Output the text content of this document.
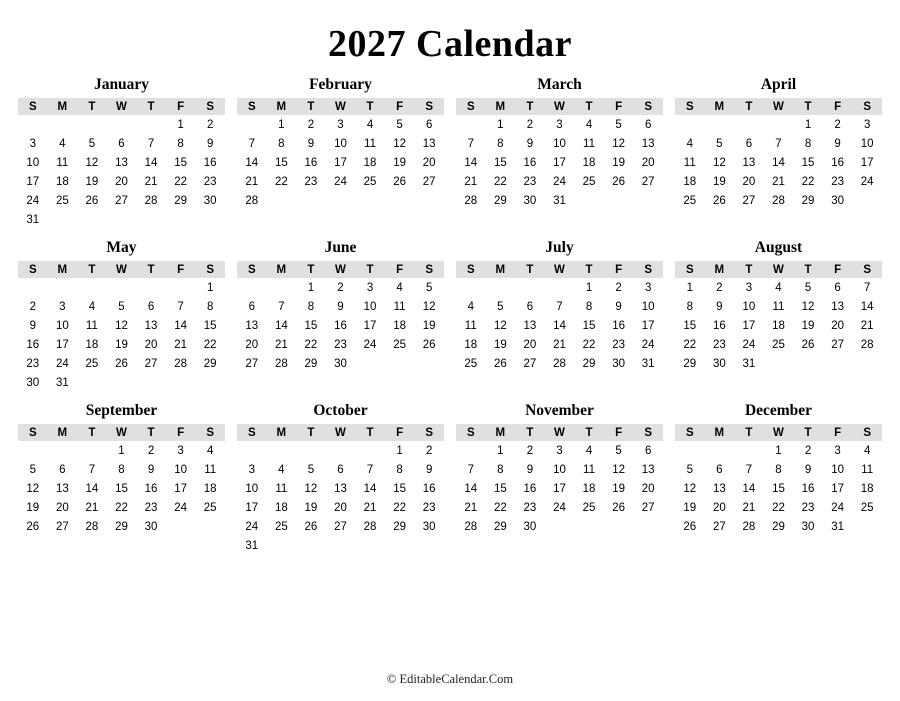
2027 Calendar
January
S	M	T	W	T	F	S
					1	2
3	4	5	6	7	8	9
10	11	12	13	14	15	16
17	18	19	20	21	22	23
24	25	26	27	28	29	30
31						
February
S	M	T	W	T	F	S
	1	2	3	4	5	6
7	8	9	10	11	12	13
14	15	16	17	18	19	20
21	22	23	24	25	26	27
28						
March
S	M	T	W	T	F	S
	1	2	3	4	5	6
7	8	9	10	11	12	13
14	15	16	17	18	19	20
21	22	23	24	25	26	27
28	29	30	31			
April
S	M	T	W	T	F	S
				1	2	3
4	5	6	7	8	9	10
11	12	13	14	15	16	17
18	19	20	21	22	23	24
25	26	27	28	29	30	
May
S	M	T	W	T	F	S
						1
2	3	4	5	6	7	8
9	10	11	12	13	14	15
16	17	18	19	20	21	22
23	24	25	26	27	28	29
30	31					
June
S	M	T	W	T	F	S
		1	2	3	4	5
6	7	8	9	10	11	12
13	14	15	16	17	18	19
20	21	22	23	24	25	26
27	28	29	30			
July
S	M	T	W	T	F	S
				1	2	3
4	5	6	7	8	9	10
11	12	13	14	15	16	17
18	19	20	21	22	23	24
25	26	27	28	29	30	31
August
S	M	T	W	T	F	S
1	2	3	4	5	6	7
8	9	10	11	12	13	14
15	16	17	18	19	20	21
22	23	24	25	26	27	28
29	30	31				
September
S	M	T	W	T	F	S
			1	2	3	4
5	6	7	8	9	10	11
12	13	14	15	16	17	18
19	20	21	22	23	24	25
26	27	28	29	30		
October
S	M	T	W	T	F	S
					1	2
3	4	5	6	7	8	9
10	11	12	13	14	15	16
17	18	19	20	21	22	23
24	25	26	27	28	29	30
31						
November
S	M	T	W	T	F	S
	1	2	3	4	5	6
7	8	9	10	11	12	13
14	15	16	17	18	19	20
21	22	23	24	25	26	27
28	29	30				
December
S	M	T	W	T	F	S
			1	2	3	4
5	6	7	8	9	10	11
12	13	14	15	16	17	18
19	20	21	22	23	24	25
26	27	28	29	30	31	
© EditableCalendar.Com
